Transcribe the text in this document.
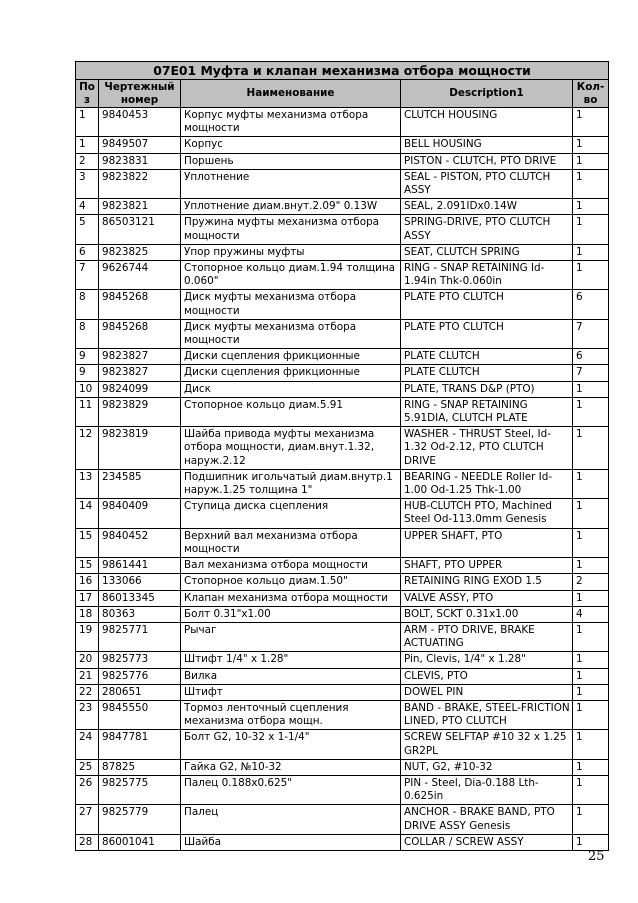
07E01 Муфта и клапан механизма отбора мощности				
Поз	Чертежный номер	Наименование	Description1	Кол-во
1	9840453	Корпус муфты механизма отбора мощности	CLUTCH HOUSING	1
1	9849507	Корпус	BELL HOUSING	1
2	9823831	Поршень	PISTON - CLUTCH, PTO DRIVE	1
3	9823822	Уплотнение	SEAL - PISTON, PTO CLUTCH ASSY	1
4	9823821	Уплотнение диам.внут.2.09" 0.13W	SEAL, 2.091IDx0.14W	1
5	86503121	Пружина муфты механизма отбора мощности	SPRING-DRIVE, PTO CLUTCH ASSY	1
6	9823825	Упор пружины муфты	SEAT, CLUTCH SPRING	1
7	9626744	Стопорное кольцо диам.1.94 толщина 0.060"	RING - SNAP RETAINING Id-1.94in Thk-0.060in	1
8	9845268	Диск муфты механизма отбора мощности	PLATE PTO CLUTCH	6
8	9845268	Диск муфты механизма отбора мощности	PLATE PTO CLUTCH	7
9	9823827	Диски сцепления фрикционные	PLATE CLUTCH	6
9	9823827	Диски сцепления фрикционные	PLATE CLUTCH	7
10	9824099	Диск	PLATE, TRANS D&P (PTO)	1
11	9823829	Стопорное кольцо диам.5.91	RING - SNAP RETAINING 5.91DIA, CLUTCH PLATE	1
12	9823819	Шайба привода муфты механизма отбора мощности, диам.внут.1.32, наруж.2.12	WASHER - THRUST Steel, Id-1.32 Od-2.12, PTO CLUTCH DRIVE	1
13	234585	Подшипник игольчатый диам.внутр.1 наруж.1.25 толщина 1"	BEARING - NEEDLE Roller Id-1.00 Od-1.25 Thk-1.00	1
14	9840409	Ступица диска сцепления	HUB-CLUTCH PTO, Machined Steel Od-113.0mm Genesis	1
15	9840452	Верхний вал механизма отбора мощности	UPPER SHAFT, PTO	1
15	9861441	Вал механизма отбора мощности	SHAFT, PTO UPPER	1
16	133066	Стопорное кольцо диам.1.50"	RETAINING RING EXOD 1.5	2
17	86013345	Клапан механизма отбора мощности	VALVE ASSY, PTO	1
18	80363	Болт 0.31"x1.00	BOLT, SCKT 0.31x1.00	4
19	9825771	Рычаг	ARM - PTO DRIVE, BRAKE ACTUATING	1
20	9825773	Штифт 1/4" x 1.28"	Pin, Clevis, 1/4" x 1.28"	1
21	9825776	Вилка	CLEVIS, PTO	1
22	280651	Штифт	DOWEL PIN	1
23	9845550	Тормоз ленточный сцепления механизма отбора мощн.	BAND - BRAKE, STEEL-FRICTION LINED, PTO CLUTCH	1
24	9847781	Болт G2, 10-32 x 1-1/4"	SCREW SELFTAP #10 32 x 1.25 GR2PL	1
25	87825	Гайка G2, №10-32	NUT, G2, #10-32	1
26	9825775	Палец 0.188x0.625"	PIN - Steel, Dia-0.188 Lth-0.625in	1
27	9825779	Палец	ANCHOR - BRAKE BAND, PTO DRIVE ASSY Genesis	1
28	86001041	Шайба	COLLAR / SCREW ASSY	1
25
